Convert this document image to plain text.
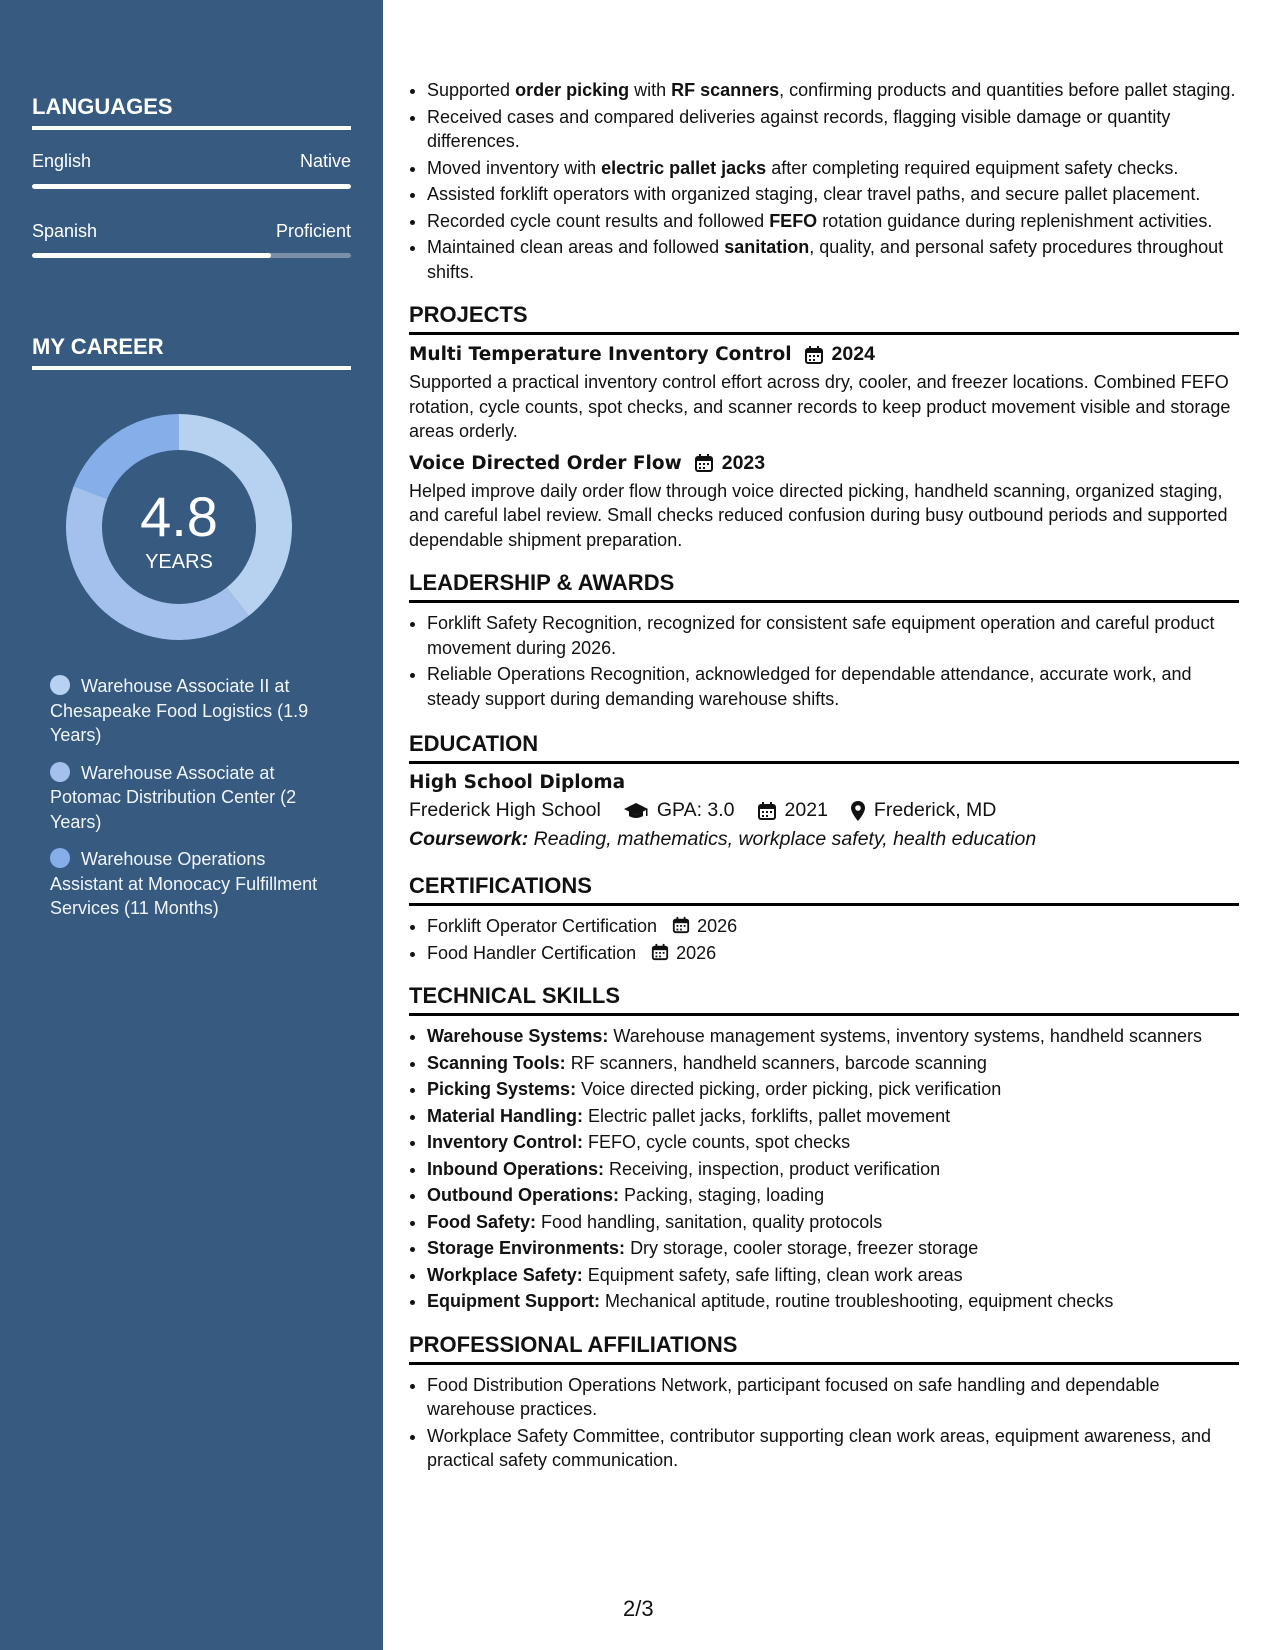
LANGUAGES
English	Native
Spanish	Proficient
MY CAREER
4.8
YEARS
Warehouse Associate II at Chesapeake Food Logistics (1.9 Years)
Warehouse Associate at Potomac Distribution Center (2 Years)
Warehouse Operations Assistant at Monocacy Fulfillment Services (11 Months)
• Supported order picking with RF scanners, confirming products and quantities before pallet staging.
• Received cases and compared deliveries against records, flagging visible damage or quantity differences.
• Moved inventory with electric pallet jacks after completing required equipment safety checks.
• Assisted forklift operators with organized staging, clear travel paths, and secure pallet placement.
• Recorded cycle count results and followed FEFO rotation guidance during replenishment activities.
• Maintained clean areas and followed sanitation, quality, and personal safety procedures throughout shifts.
PROJECTS
Multi Temperature Inventory Control 2024
Supported a practical inventory control effort across dry, cooler, and freezer locations. Combined FEFO rotation, cycle counts, spot checks, and scanner records to keep product movement visible and storage areas orderly.
Voice Directed Order Flow 2023
Helped improve daily order flow through voice directed picking, handheld scanning, organized staging, and careful label review. Small checks reduced confusion during busy outbound periods and supported dependable shipment preparation.
LEADERSHIP & AWARDS
• Forklift Safety Recognition, recognized for consistent safe equipment operation and careful product movement during 2026.
• Reliable Operations Recognition, acknowledged for dependable attendance, accurate work, and steady support during demanding warehouse shifts.
EDUCATION
High School Diploma
Frederick High School	GPA: 3.0	2021 Frederick, MD
Coursework: Reading, mathematics, workplace safety, health education
CERTIFICATIONS
• Forklift Operator Certification 2026
• Food Handler Certification 2026
TECHNICAL SKILLS
• Warehouse Systems: Warehouse management systems, inventory systems, handheld scanners
• Scanning Tools: RF scanners, handheld scanners, barcode scanning
• Picking Systems: Voice directed picking, order picking, pick verification
• Material Handling: Electric pallet jacks, forklifts, pallet movement
• Inventory Control: FEFO, cycle counts, spot checks
• Inbound Operations: Receiving, inspection, product verification
• Outbound Operations: Packing, staging, loading
• Food Safety: Food handling, sanitation, quality protocols
• Storage Environments: Dry storage, cooler storage, freezer storage
• Workplace Safety: Equipment safety, safe lifting, clean work areas
• Equipment Support: Mechanical aptitude, routine troubleshooting, equipment checks
PROFESSIONAL AFFILIATIONS
• Food Distribution Operations Network, participant focused on safe handling and dependable warehouse practices.
• Workplace Safety Committee, contributor supporting clean work areas, equipment awareness, and practical safety communication.
2/3
